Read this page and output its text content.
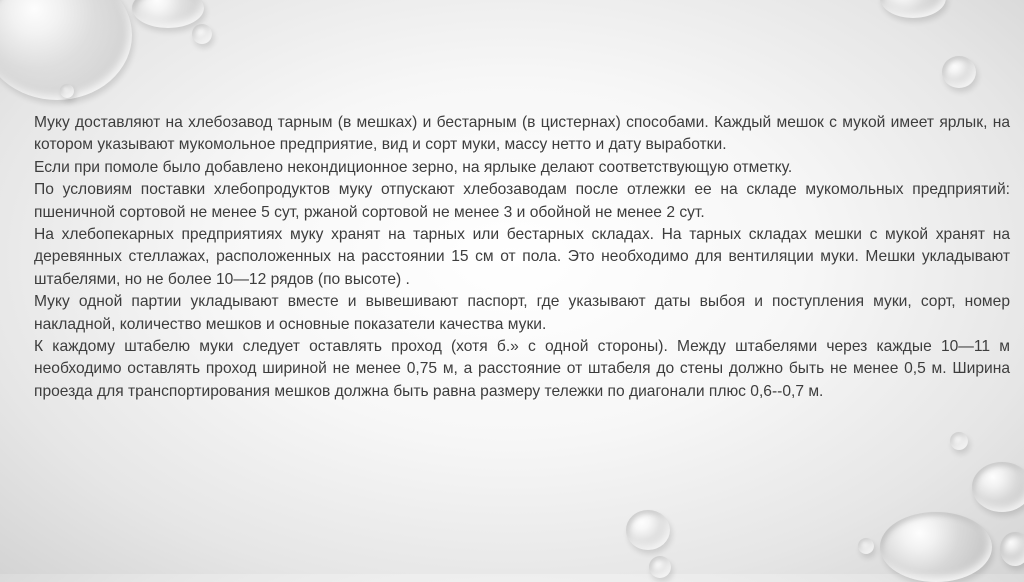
Муку доставляют на хлебозавод тарным (в мешках) и бестарным (в цистернах) способами. Каждый мешок с мукой имеет ярлык, на котором указывают мукомольное предприятие, вид и сорт муки, массу нетто и дату выработки.

Если при помоле было добавлено некондиционное зерно, на ярлыке делают соответствующую отметку.

По условиям поставки хлебопродуктов муку отпускают хлебозаводам после отлежки ее на складе мукомольных предприятий: пшеничной сортовой не менее 5 сут, ржаной сортовой не менее 3 и обойной не менее 2 сут.

На хлебопекарных предприятиях муку хранят на тарных или бестарных складах. На тарных складах мешки с мукой хранят на деревянных стеллажах, расположенных на расстоянии 15 см от пола. Это необходимо для вентиляции муки. Мешки укладывают штабелями, но не более 10—12 рядов (по высоте) .

Муку одной партии укладывают вместе и вывешивают паспорт, где указывают даты выбоя и поступления муки, сорт, номер накладной, количество мешков и основные показатели качества муки.

К каждому штабелю муки следует оставлять проход (хотя б.» с одной стороны). Между штабелями через каждые 10—11 м необходимо оставлять проход шириной не менее 0,75 м, а расстояние от штабеля до стены должно быть не менее 0,5 м. Ширина проезда для транспортирования мешков должна быть равна размеру тележки по диагонали плюс 0,6--0,7 м.
